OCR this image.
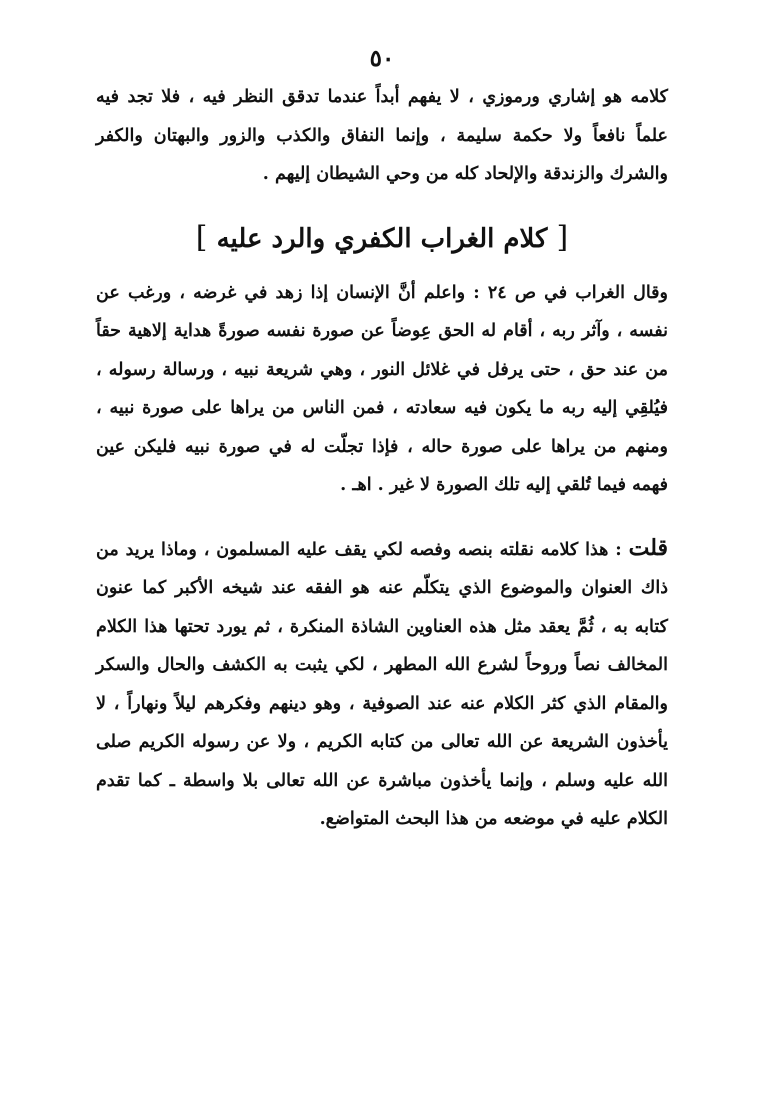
٥٠

كلامه هو إشاري ورموزي ، لا يفهم أبداً عندما تدقق النظر فيه ، فلا تجد فيه علماً نافعاً ولا حكمة سليمة ، وإنما النفاق والكذب والزور والبهتان والكفر والشرك والزندقة والإلحاد كله من وحي الشيطان إليهم .

[ كلام الغراب الكفري والرد عليه ]

وقال الغراب في ص ٢٤ : واعلم أنَّ الإنسان إذا زهد في غرضه ، ورغب عن نفسه ، وآثر ربه ، أقام له الحق عِوضاً عن صورة نفسه صورةً هداية إلاهية حقاً من عند حق ، حتى يرفل في غلائل النور ، وهي شريعة نبيه ، ورسالة رسوله ، فيُلقِي إليه ربه ما يكون فيه سعادته ، فمن الناس من يراها على صورة نبيه ، ومنهم من يراها على صورة حاله ، فإذا تجلّت له في صورة نبيه فليكن عين فهمه فيما تُلقي إليه تلك الصورة لا غير . اهـ .

قلت : هذا كلامه نقلته بنصه وفصه لكي يقف عليه المسلمون ، وماذا يريد من ذاك العنوان والموضوع الذي يتكلّم عنه هو الفقه عند شيخه الأكبر كما عنون كتابه به ، ثُمَّ يعقد مثل هذه العناوين الشاذة المنكرة ، ثم يورد تحتها هذا الكلام المخالف نصاً وروحاً لشرع الله المطهر ، لكي يثبت به الكشف والحال والسكر والمقام الذي كثر الكلام عنه عند الصوفية ، وهو دينهم وفكرهم ليلاً ونهاراً ، لا يأخذون الشريعة عن الله تعالى من كتابه الكريم ، ولا عن رسوله الكريم صلى الله عليه وسلم ، وإنما يأخذون مباشرة عن الله تعالى بلا واسطة ـ كما تقدم الكلام عليه في موضعه من هذا البحث المتواضع.
